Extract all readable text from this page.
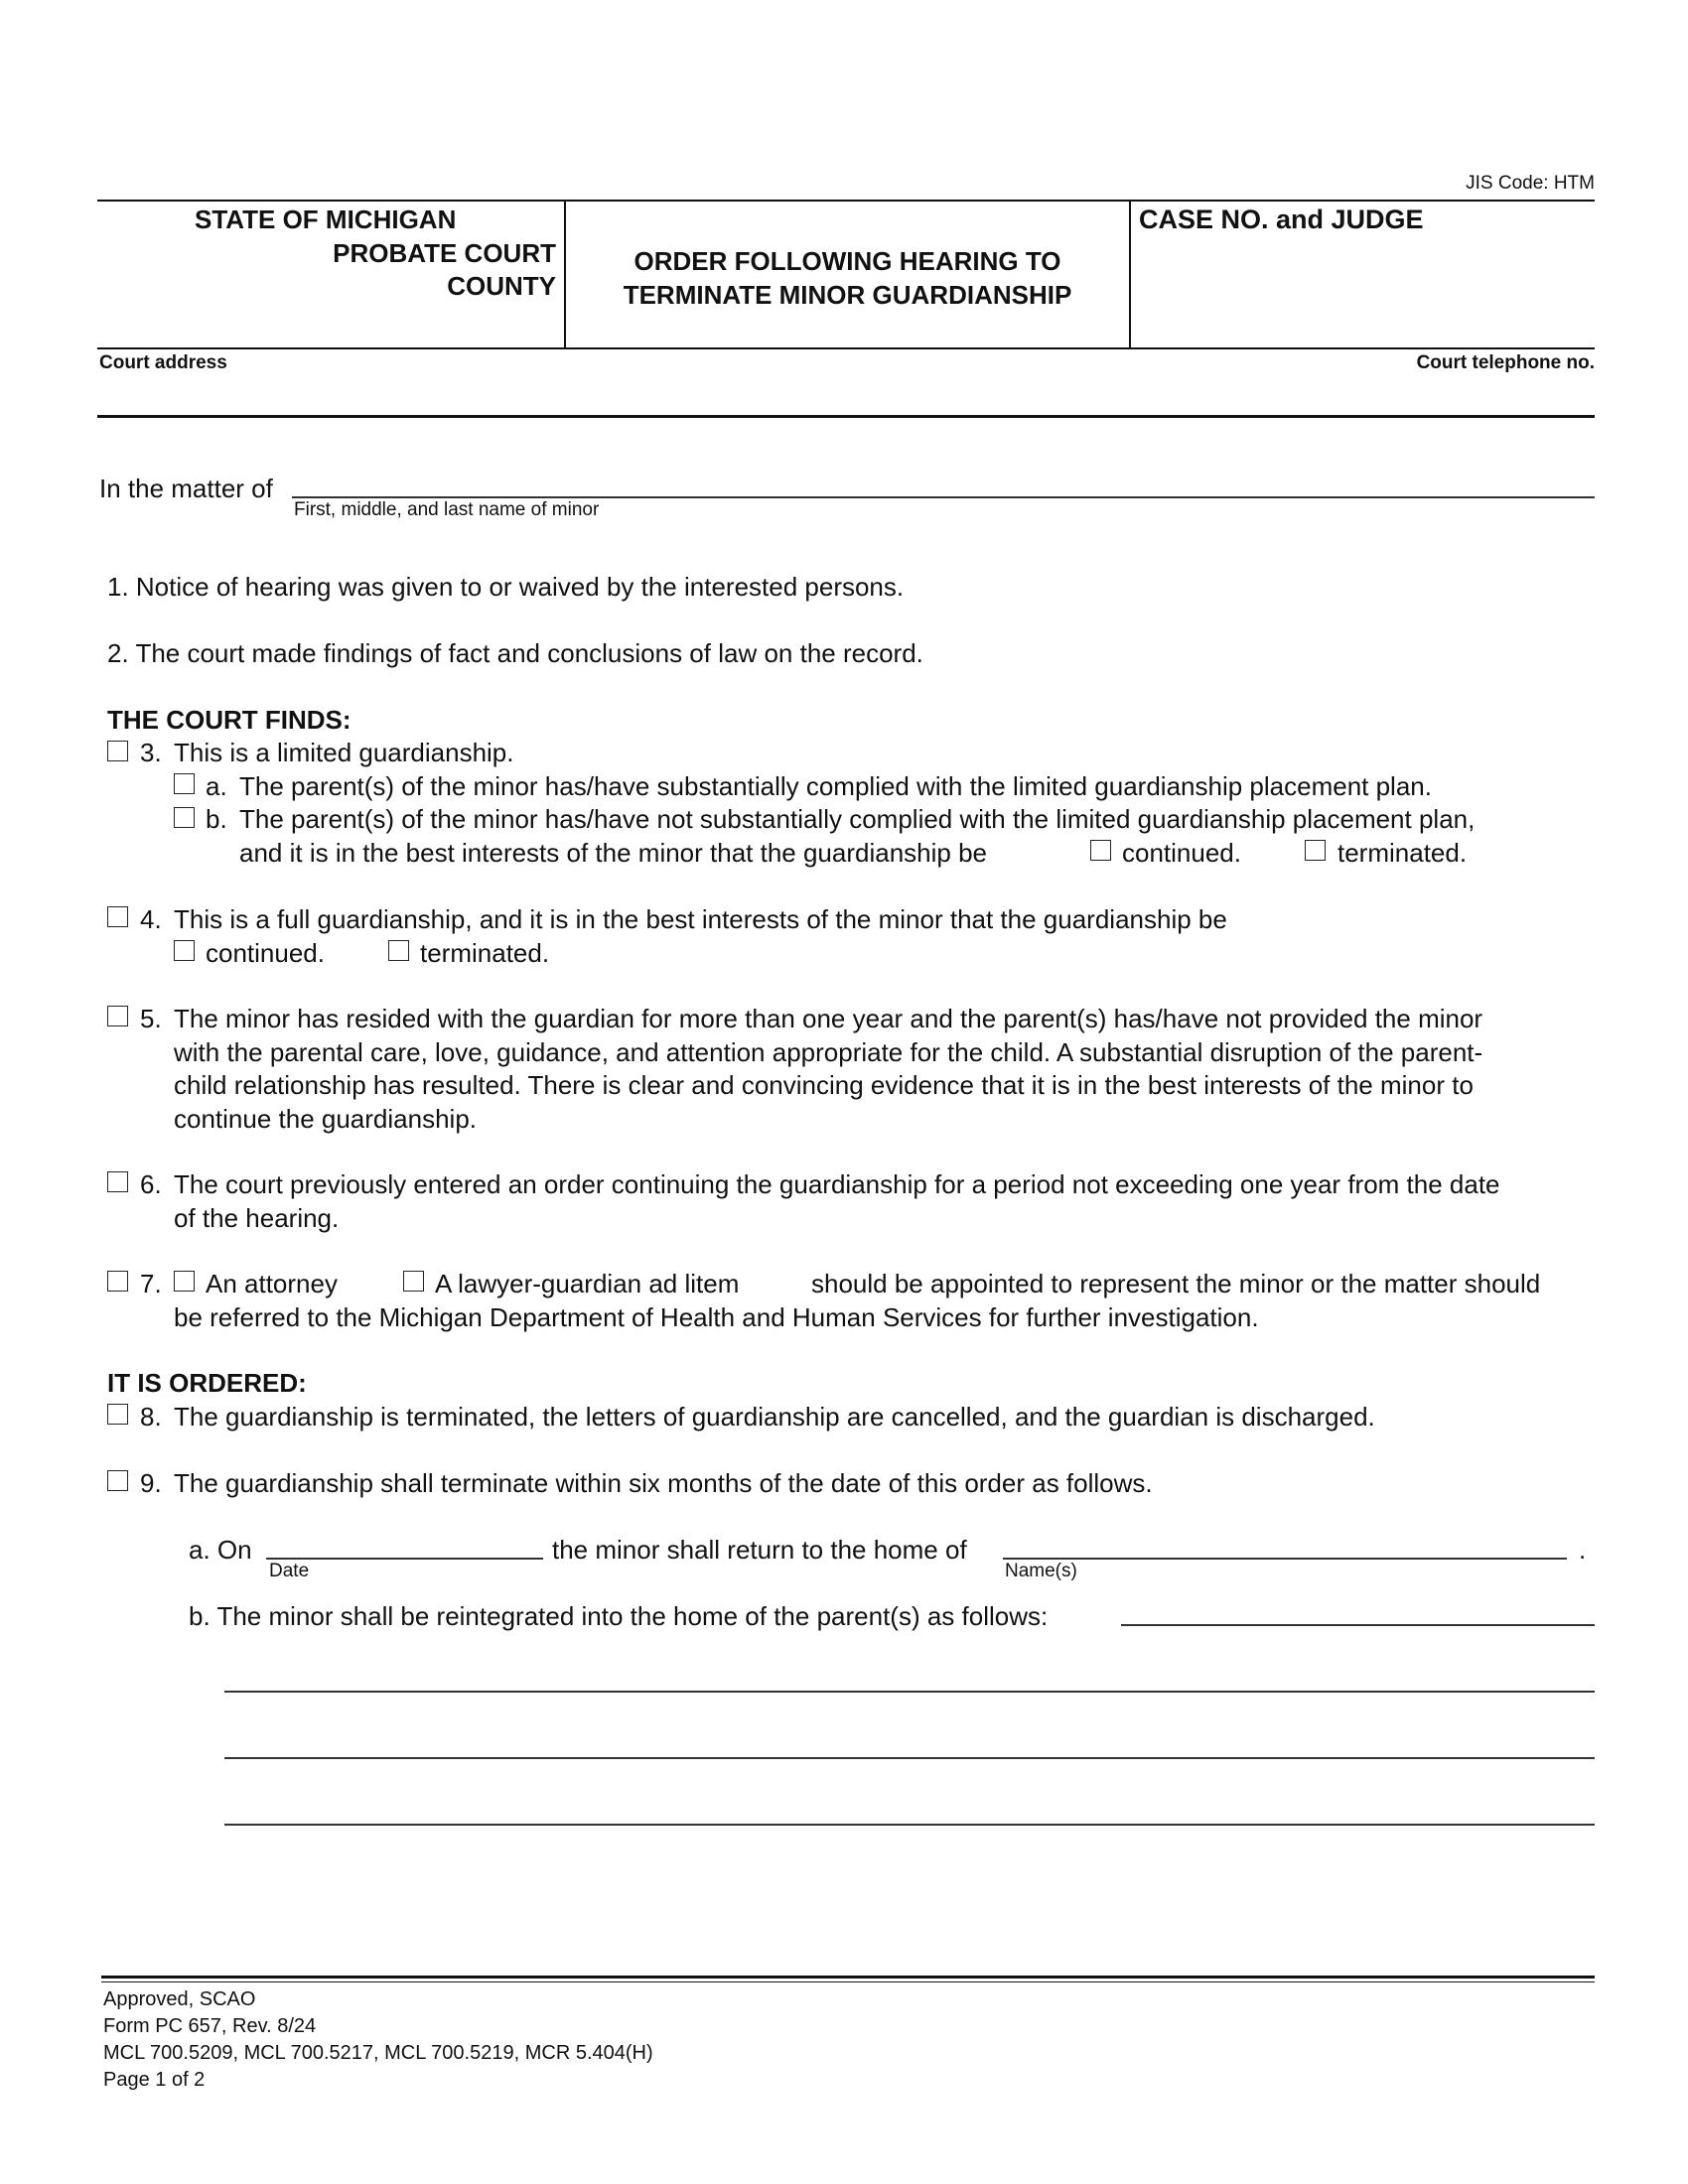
JIS Code: HTM
STATE OF MICHIGAN
PROBATE COURT
COUNTY
ORDER FOLLOWING HEARING TO
TERMINATE MINOR GUARDIANSHIP
CASE NO. and JUDGE
Court address	Court telephone no.
In the matter of
First, middle, and last name of minor
1. Notice of hearing was given to or waived by the interested persons.
2. The court made findings of fact and conclusions of law on the record.
THE COURT FINDS:
3. This is a limited guardianship.
a. The parent(s) of the minor has/have substantially complied with the limited guardianship placement plan.
b. The parent(s) of the minor has/have not substantially complied with the limited guardianship placement plan,
and it is in the best interests of the minor that the guardianship be	continued.	terminated.
4. This is a full guardianship, and it is in the best interests of the minor that the guardianship be
continued.	terminated.
5. The minor has resided with the guardian for more than one year and the parent(s) has/have not provided the minor
with the parental care, love, guidance, and attention appropriate for the child. A substantial disruption of the parent-
child relationship has resulted. There is clear and convincing evidence that it is in the best interests of the minor to
continue the guardianship.
6. The court previously entered an order continuing the guardianship for a period not exceeding one year from the date
of the hearing.
7. An attorney	A lawyer-guardian ad litem	should be appointed to represent the minor or the matter should
be referred to the Michigan Department of Health and Human Services for further investigation.
IT IS ORDERED:
8. The guardianship is terminated, the letters of guardianship are cancelled, and the guardian is discharged.
9. The guardianship shall terminate within six months of the date of this order as follows.
a. On
Date
the minor shall return to the home of
Name(s)
.
b. The minor shall be reintegrated into the home of the parent(s) as follows:
Approved, SCAO
Form PC 657, Rev. 8/24
MCL 700.5209, MCL 700.5217, MCL 700.5219, MCR 5.404(H)
Page 1 of 2
